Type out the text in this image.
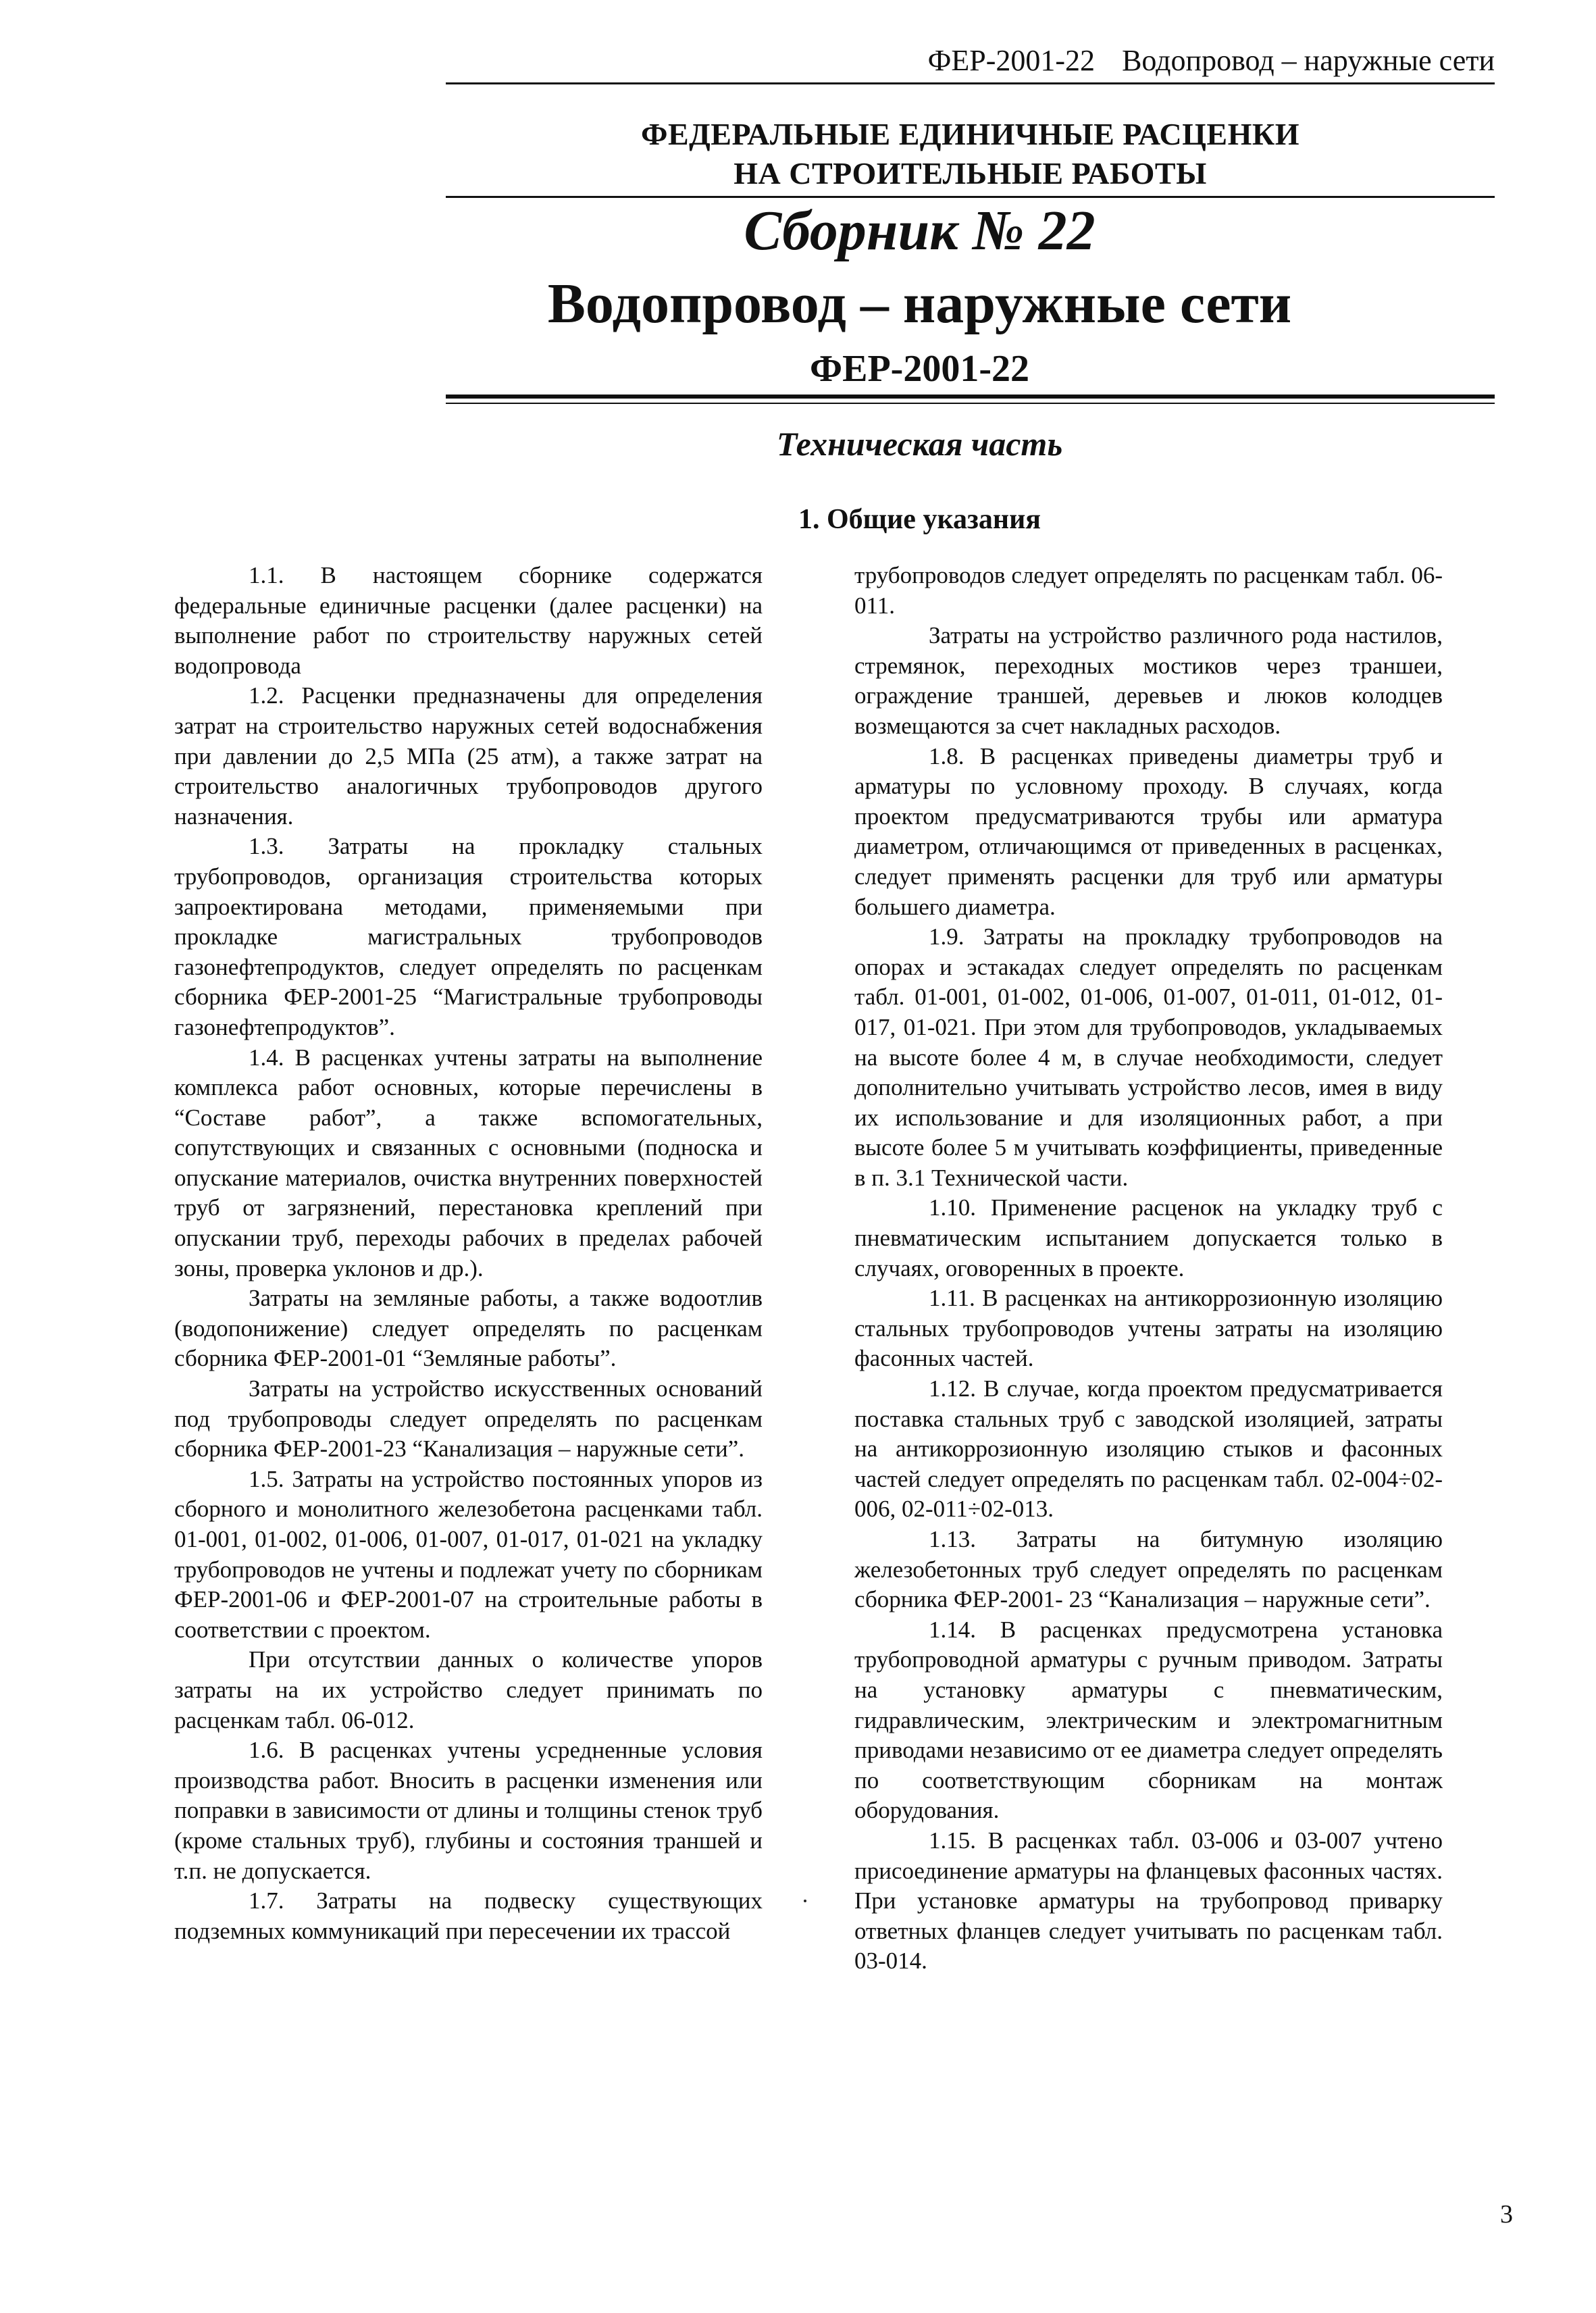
ФЕР-2001-22 Водопровод – наружные сети
ФЕДЕРАЛЬНЫЕ ЕДИНИЧНЫЕ РАСЦЕНКИ
НА СТРОИТЕЛЬНЫЕ РАБОТЫ
Сборник № 22
Водопровод – наружные сети
ФЕР-2001-22
Техническая часть
1. Общие указания

1.1. В настоящем сборнике содержатся федеральные единичные расценки (далее расценки) на выполнение работ по строительству наружных сетей водопровода

1.2. Расценки предназначены для определения затрат на строительство наружных сетей водоснабжения при давлении до 2,5 МПа (25 атм), а также затрат на строительство аналогичных трубопроводов другого назначения.

1.3. Затраты на прокладку стальных трубопроводов, организация строительства которых запроектирована методами, применяемыми при прокладке магистральных трубопроводов газонефтепродуктов, следует определять по расценкам сборника ФЕР-2001-25 “Магистральные трубопроводы газонефтепродуктов”.

1.4. В расценках учтены затраты на выполнение комплекса работ основных, которые перечислены в “Составе работ”, а также вспомогательных, сопутствующих и связанных с основными (подноска и опускание материалов, очистка внутренних поверхностей труб от загрязнений, перестановка креплений при опускании труб, переходы рабочих в пределах рабочей зоны, проверка уклонов и др.).

Затраты на земляные работы, а также водоотлив (водопонижение) следует определять по расценкам сборника ФЕР-2001-01 “Земляные работы”.

Затраты на устройство искусственных оснований под трубопроводы следует определять по расценкам сборника ФЕР-2001-23 “Канализация – наружные сети”.

1.5. Затраты на устройство постоянных упоров из сборного и монолитного железобетона расценками табл. 01-001, 01-002, 01-006, 01-007, 01-017, 01-021 на укладку трубопроводов не учтены и подлежат учету по сборникам ФЕР-2001-06 и ФЕР-2001-07 на строительные работы в соответствии с проектом.

При отсутствии данных о количестве упоров затраты на их устройство следует принимать по расценкам табл. 06-012.

1.6. В расценках учтены усредненные условия производства работ. Вносить в расценки изменения или поправки в зависимости от длины и толщины стенок труб (кроме стальных труб), глубины и состояния траншей и т.п. не допускается.

1.7. Затраты на подвеску существующих подземных коммуникаций при пересечении их трассой

трубопроводов следует определять по расценкам табл. 06-011.

Затраты на устройство различного рода настилов, стремянок, переходных мостиков через траншеи, ограждение траншей, деревьев и люков колодцев возмещаются за счет накладных расходов.

1.8. В расценках приведены диаметры труб и арматуры по условному проходу. В случаях, когда проектом предусматриваются трубы или арматура диаметром, отличающимся от приведенных в расценках, следует применять расценки для труб или арматуры большего диаметра.

1.9. Затраты на прокладку трубопроводов на опорах и эстакадах следует определять по расценкам табл. 01-001, 01-002, 01-006, 01-007, 01-011, 01-012, 01-017, 01-021. При этом для трубопроводов, укладываемых на высоте более 4 м, в случае необходимости, следует дополнительно учитывать устройство лесов, имея в виду их использование и для изоляционных работ, а при высоте более 5 м учитывать коэффициенты, приведенные в п. 3.1 Технической части.

1.10. Применение расценок на укладку труб с пневматическим испытанием допускается только в случаях, оговоренных в проекте.

1.11. В расценках на антикоррозионную изоляцию стальных трубопроводов учтены затраты на изоляцию фасонных частей.

1.12. В случае, когда проектом предусматривается поставка стальных труб с заводской изоляцией, затраты на антикоррозионную изоляцию стыков и фасонных частей следует определять по расценкам табл. 02-004÷02-006, 02-011÷02-013.

1.13. Затраты на битумную изоляцию железобетонных труб следует определять по расценкам сборника ФЕР-2001- 23 “Канализация – наружные сети”.

1.14. В расценках предусмотрена установка трубопроводной арматуры с ручным приводом. Затраты на установку арматуры с пневматическим, гидравлическим, электрическим и электромагнитным приводами независимо от ее диаметра следует определять по соответствующим сборникам на монтаж оборудования.

1.15. В расценках табл. 03-006 и 03-007 учтено присоединение арматуры на фланцевых фасонных частях. При установке арматуры на трубопровод приварку ответных фланцев следует учитывать по расценкам табл. 03-014.

3
